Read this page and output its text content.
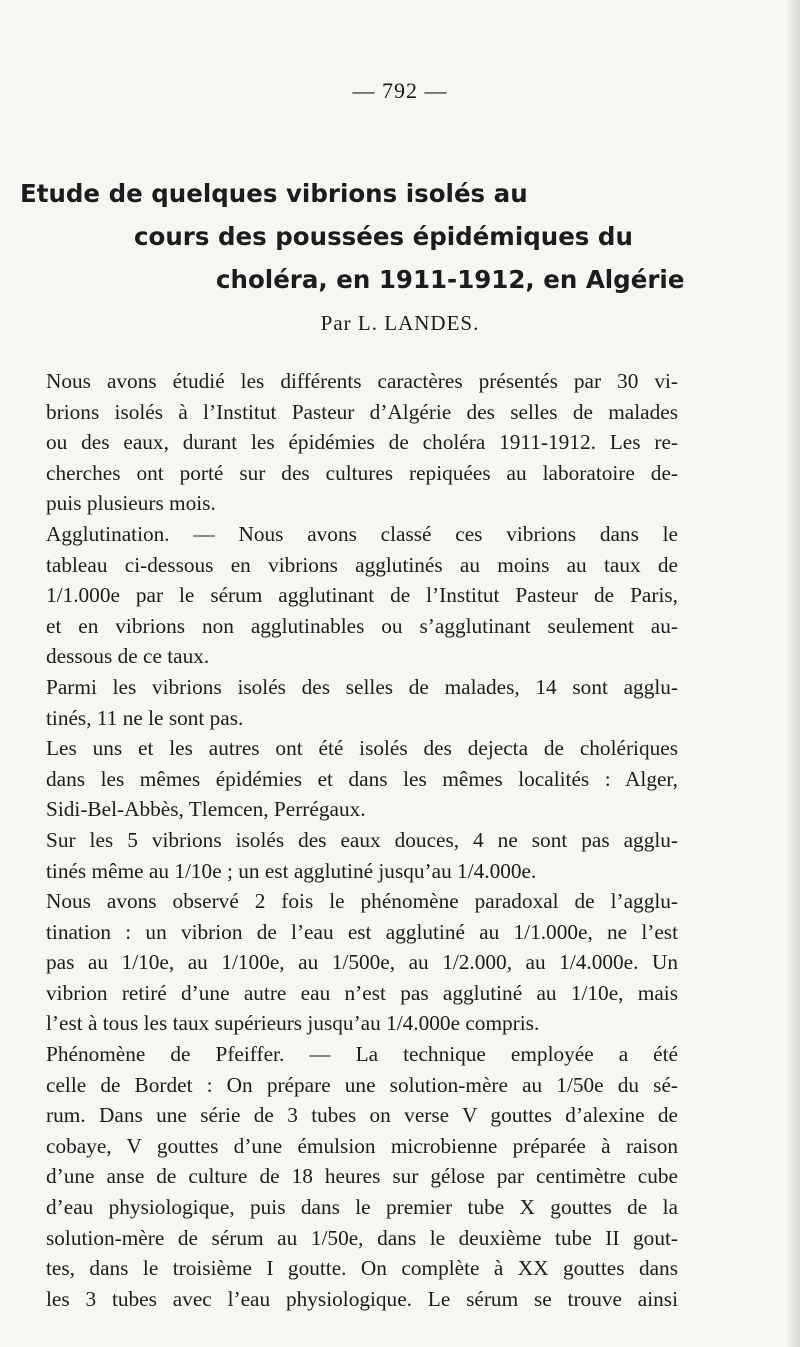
— 792 —
Etude de quelques vibrions isolés au
cours des poussées épidémiques du
choléra, en 1911-1912, en Algérie
Par L. LANDES.
Nous avons étudié les différents caractères présentés par 30 vi-
brions isolés à l’Institut Pasteur d’Algérie des selles de malades
ou des eaux, durant les épidémies de choléra 1911-1912. Les re-
cherches ont porté sur des cultures repiquées au laboratoire de-
puis plusieurs mois.
Agglutination. — Nous avons classé ces vibrions dans le
tableau ci-dessous en vibrions agglutinés au moins au taux de
1/1.000e par le sérum agglutinant de l’Institut Pasteur de Paris,
et en vibrions non agglutinables ou s’agglutinant seulement au-
dessous de ce taux.
Parmi les vibrions isolés des selles de malades, 14 sont agglu-
tinés, 11 ne le sont pas.
Les uns et les autres ont été isolés des dejecta de cholériques
dans les mêmes épidémies et dans les mêmes localités : Alger,
Sidi-Bel-Abbès, Tlemcen, Perrégaux.
Sur les 5 vibrions isolés des eaux douces, 4 ne sont pas agglu-
tinés même au 1/10e ; un est agglutiné jusqu’au 1/4.000e.
Nous avons observé 2 fois le phénomène paradoxal de l’agglu-
tination : un vibrion de l’eau est agglutiné au 1/1.000e, ne l’est
pas au 1/10e, au 1/100e, au 1/500e, au 1/2.000, au 1/4.000e. Un
vibrion retiré d’une autre eau n’est pas agglutiné au 1/10e, mais
l’est à tous les taux supérieurs jusqu’au 1/4.000e compris.
Phénomène de Pfeiffer. — La technique employée a été
celle de Bordet : On prépare une solution-mère au 1/50e du sé-
rum. Dans une série de 3 tubes on verse V gouttes d’alexine de
cobaye, V gouttes d’une émulsion microbienne préparée à raison
d’une anse de culture de 18 heures sur gélose par centimètre cube
d’eau physiologique, puis dans le premier tube X gouttes de la
solution-mère de sérum au 1/50e, dans le deuxième tube II gout-
tes, dans le troisième I goutte. On complète à XX gouttes dans
les 3 tubes avec l’eau physiologique. Le sérum se trouve ainsi
